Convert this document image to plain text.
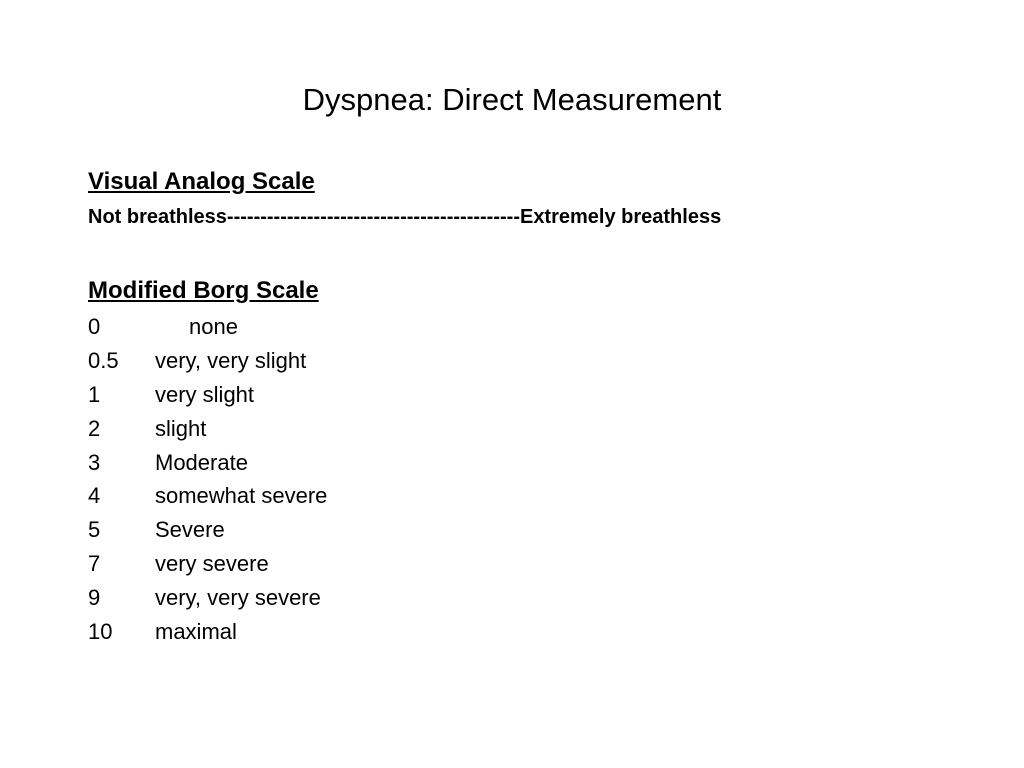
Dyspnea: Direct Measurement
Visual Analog Scale
Not breathless--------------------------------------------Extremely breathless
Modified Borg Scale
0	none
0.5 very, very slight
1 very slight
2 slight
3 Moderate
4 somewhat severe
5 Severe
7 very severe
9 very, very severe
10 maximal
